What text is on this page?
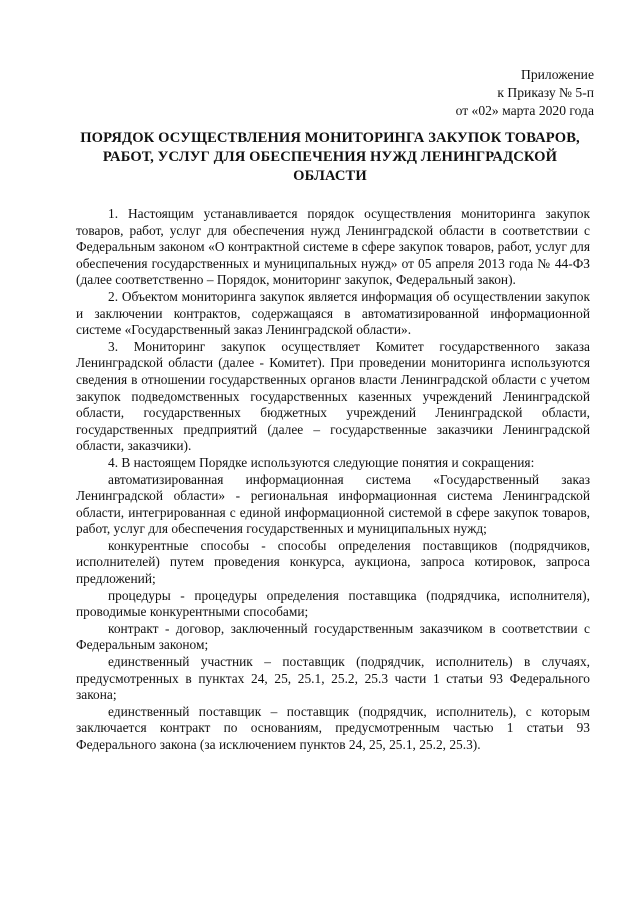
Приложение
к Приказу № 5-п
от «02» марта 2020 года
ПОРЯДОК ОСУЩЕСТВЛЕНИЯ МОНИТОРИНГА ЗАКУПОК ТОВАРОВ,
РАБОТ, УСЛУГ ДЛЯ ОБЕСПЕЧЕНИЯ НУЖД ЛЕНИНГРАДСКОЙ
ОБЛАСТИ

1. Настоящим устанавливается порядок осуществления мониторинга закупок товаров, работ, услуг для обеспечения нужд Ленинградской области в соответствии с Федеральным законом «О контрактной системе в сфере закупок товаров, работ, услуг для обеспечения государственных и муниципальных нужд» от 05 апреля 2013 года № 44-ФЗ (далее соответственно – Порядок, мониторинг закупок, Федеральный закон).

2. Объектом мониторинга закупок является информация об осуществлении закупок и заключении контрактов, содержащаяся в автоматизированной информационной системе «Государственный заказ Ленинградской области».

3. Мониторинг закупок осуществляет Комитет государственного заказа Ленинградской области (далее - Комитет). При проведении мониторинга используются сведения в отношении государственных органов власти Ленинградской области с учетом закупок подведомственных государственных казенных учреждений Ленинградской области, государственных бюджетных учреждений Ленинградской области, государственных предприятий (далее – государственные заказчики Ленинградской области, заказчики).

4. В настоящем Порядке используются следующие понятия и сокращения:

автоматизированная информационная система «Государственный заказ Ленинградской области» - региональная информационная система Ленинградской области, интегрированная с единой информационной системой в сфере закупок товаров, работ, услуг для обеспечения государственных и муниципальных нужд;

конкурентные способы - способы определения поставщиков (подрядчиков, исполнителей) путем проведения конкурса, аукциона, запроса котировок, запроса предложений;

процедуры - процедуры определения поставщика (подрядчика, исполнителя), проводимые конкурентными способами;

контракт - договор, заключенный государственным заказчиком в соответствии с Федеральным законом;

единственный участник – поставщик (подрядчик, исполнитель) в случаях, предусмотренных в пунктах 24, 25, 25.1, 25.2, 25.3 части 1 статьи 93 Федерального закона;

единственный поставщик – поставщик (подрядчик, исполнитель), с которым заключается контракт по основаниям, предусмотренным частью 1 статьи 93 Федерального закона (за исключением пунктов 24, 25, 25.1, 25.2, 25.3).
